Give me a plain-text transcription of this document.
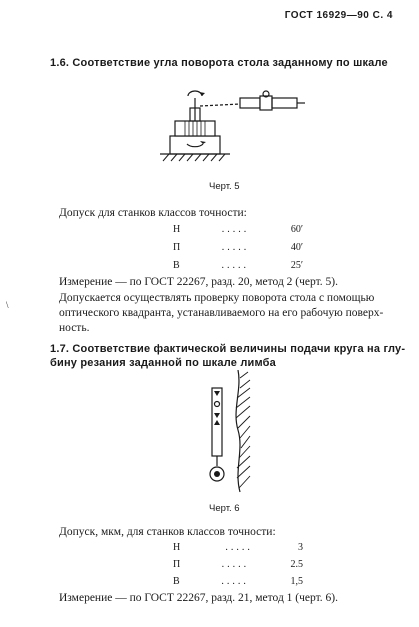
ГОСТ 16929—90 С. 4
1.6. Соответствие угла поворота стола заданному по шкале
Черт. 5
Допуск для станков классов точности:
Н	.....	60′
П	.....	40′
В	.....	25′
Измерение — по ГОСТ 22267, разд. 20, метод 2 (черт. 5).
Допускается осуществлять проверку поворота стола с помощью
оптического квадранта, устанавливаемого на его рабочую поверх-
ность.
\
1.7. Соответствие фактической величины подачи круга на глу-
бину резания заданной по шкале лимба
Черт. 6
Допуск, мкм, для станков классов точности:
Н	.....	3
П	.....	2.5
В	.....	1,5
Измерение — по ГОСТ 22267, разд. 21, метод 1 (черт. 6).
